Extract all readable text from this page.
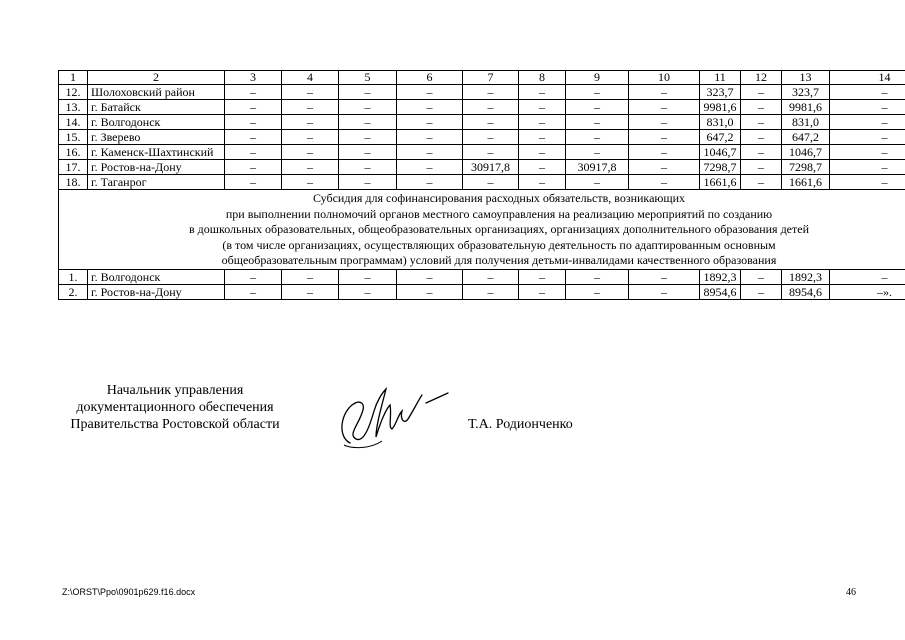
1	2	3	4	5	6	7	8	9	10	11	12	13	14
12.	Шолоховский район	–	–	–	–	–	–	–	–	323,7	–	323,7	–
13.	г. Батайск	–	–	–	–	–	–	–	–	9981,6	–	9981,6	–
14.	г. Волгодонск	–	–	–	–	–	–	–	–	831,0	–	831,0	–
15.	г. Зверево	–	–	–	–	–	–	–	–	647,2	–	647,2	–
16.	г. Каменск-Шахтинский	–	–	–	–	–	–	–	–	1046,7	–	1046,7	–
17.	г. Ростов-на-Дону	–	–	–	–	30917,8	–	30917,8	–	7298,7	–	7298,7	–
18.	г. Таганрог	–	–	–	–	–	–	–	–	1661,6	–	1661,6	–

Субсидия для софинансирования расходных обязательств, возникающих
при выполнении полномочий органов местного самоуправления на реализацию мероприятий по созданию
в дошкольных образовательных, общеобразовательных организациях, организациях дополнительного образования детей
(в том числе организациях, осуществляющих образовательную деятельность по адаптированным основным
общеобразовательным программам) условий для получения детьми-инвалидами качественного образования													

1.	г. Волгодонск	–	–	–	–	–	–	–	–	1892,3	–	1892,3	–
2.	г. Ростов-на-Дону	–	–	–	–	–	–	–	–	8954,6	–	8954,6	–».
Начальник управления
документационного обеспечения
Правительства Ростовской области	Т.А. Родионченко
Z:\ORST\Ppo\0901p629.f16.docx	46
